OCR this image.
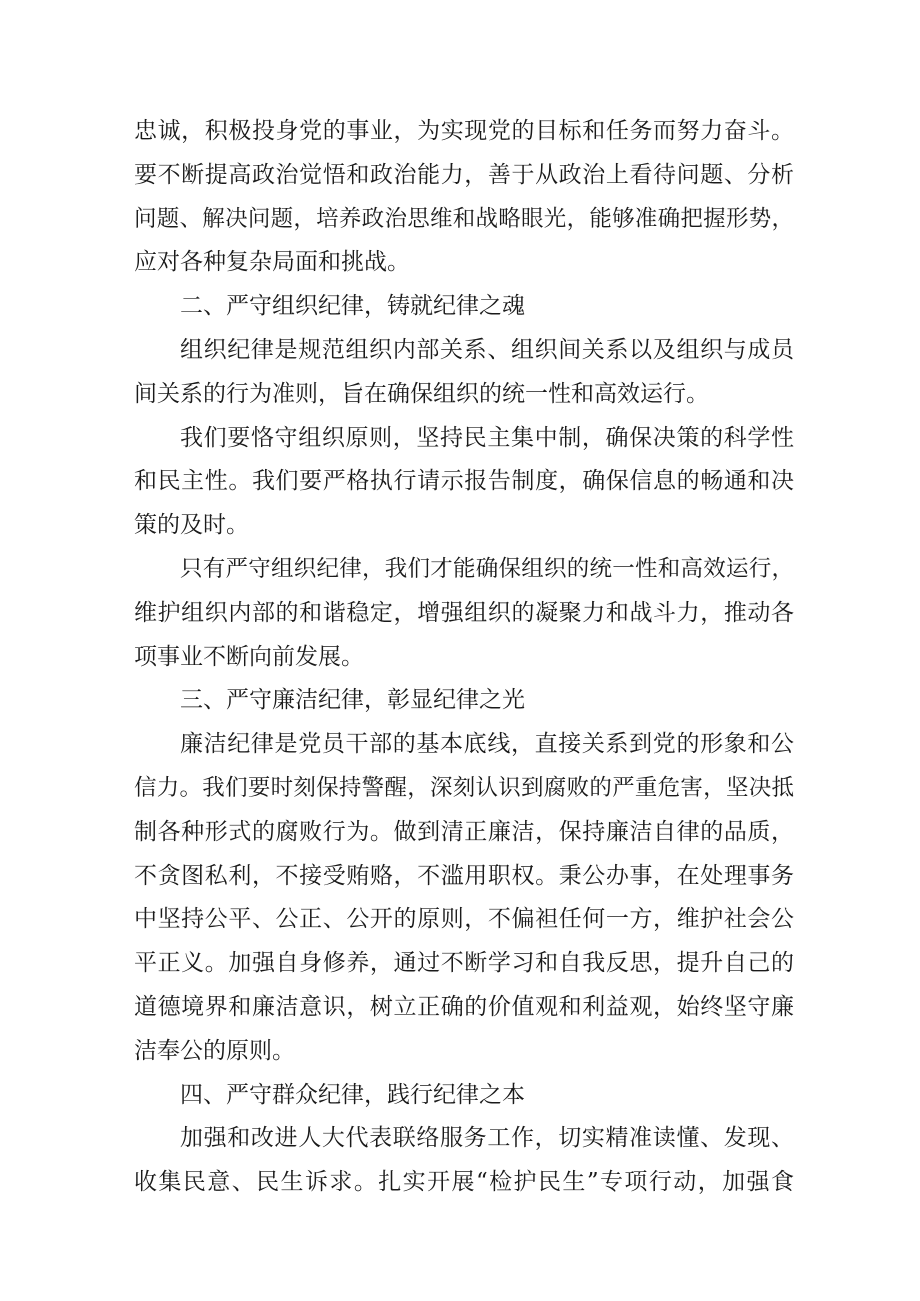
忠诚，积极投身党的事业，为实现党的目标和任务而努力奋斗。
要不断提高政治觉悟和政治能力，善于从政治上看待问题、分析
问题、解决问题，培养政治思维和战略眼光，能够准确把握形势，
应对各种复杂局面和挑战。
二、严守组织纪律，铸就纪律之魂
组织纪律是规范组织内部关系、组织间关系以及组织与成员
间关系的行为准则，旨在确保组织的统一性和高效运行。
我们要恪守组织原则，坚持民主集中制，确保决策的科学性
和民主性。我们要严格执行请示报告制度，确保信息的畅通和决
策的及时。
只有严守组织纪律，我们才能确保组织的统一性和高效运行，
维护组织内部的和谐稳定，增强组织的凝聚力和战斗力，推动各
项事业不断向前发展。
三、严守廉洁纪律，彰显纪律之光
廉洁纪律是党员干部的基本底线，直接关系到党的形象和公
信力。我们要时刻保持警醒，深刻认识到腐败的严重危害，坚决抵
制各种形式的腐败行为。做到清正廉洁，保持廉洁自律的品质，
不贪图私利，不接受贿赂，不滥用职权。秉公办事，在处理事务
中坚持公平、公正、公开的原则，不偏袒任何一方，维护社会公
平正义。加强自身修养，通过不断学习和自我反思，提升自己的
道德境界和廉洁意识，树立正确的价值观和利益观，始终坚守廉
洁奉公的原则。
四、严守群众纪律，践行纪律之本
加强和改进人大代表联络服务工作，切实精准读懂、发现、
收集民意、民生诉求。扎实开展“检护民生”专项行动，加强食
